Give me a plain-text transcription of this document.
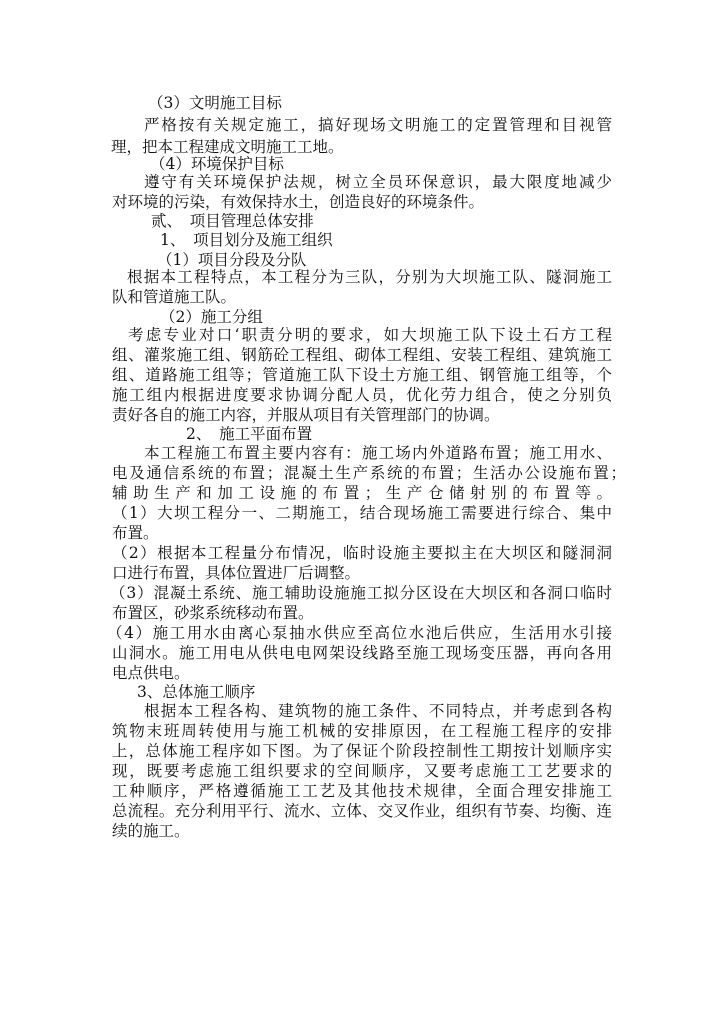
（3）文明施工目标
严格按有关规定施工，搞好现场文明施工的定置管理和目视管
理，把本工程建成文明施工工地。
（4）环境保护目标
遵守有关环境保护法规，树立全员环保意识，最大限度地减少
对环境的污染，有效保持水土，创造良好的环境条件。
贰、　项目管理总体安排
1、　项目划分及施工组织
（1）项目分段及分队
根据本工程特点，本工程分为三队，分别为大坝施工队、隧洞施工
队和管道施工队。
（2）施工分组
考虑专业对口‘职责分明的要求，如大坝施工队下设土石方工程
组、灌浆施工组、钢筋砼工程组、砌体工程组、安装工程组、建筑施工
组、道路施工组等；管道施工队下设土方施工组、钢管施工组等，个
施工组内根据进度要求协调分配人员，优化劳力组合，使之分别负
责好各自的施工内容，并服从项目有关管理部门的协调。
2、　施工平面布置
本工程施工布置主要内容有：施工场内外道路布置；施工用水、
电及通信系统的布置；混凝土生产系统的布置；生活办公设施布置；
辅助生产和加工设施的布置；生产仓储射别的布置等。
（1）大坝工程分一、二期施工，结合现场施工需要进行综合、集中
布置。
（2）根据本工程量分布情况，临时设施主要拟主在大坝区和隧洞洞
口进行布置，具体位置进厂后调整。
（3）混凝土系统、施工辅助设施施工拟分区设在大坝区和各洞口临时
布置区，砂浆系统移动布置。
（4）施工用水由离心泵抽水供应至高位水池后供应，生活用水引接
山洞水。施工用电从供电电网架设线路至施工现场变压器，再向各用
电点供电。
3、总体施工顺序
根据本工程各构、建筑物的施工条件、不同特点，并考虑到各构
筑物末班周转使用与施工机械的安排原因，在工程施工程序的安排
上，总体施工程序如下图。为了保证个阶段控制性工期按计划顺序实
现，既要考虑施工组织要求的空间顺序，又要考虑施工工艺要求的
工种顺序，严格遵循施工工艺及其他技术规律，全面合理安排施工
总流程。充分利用平行、流水、立体、交叉作业，组织有节奏、均衡、连
续的施工。
